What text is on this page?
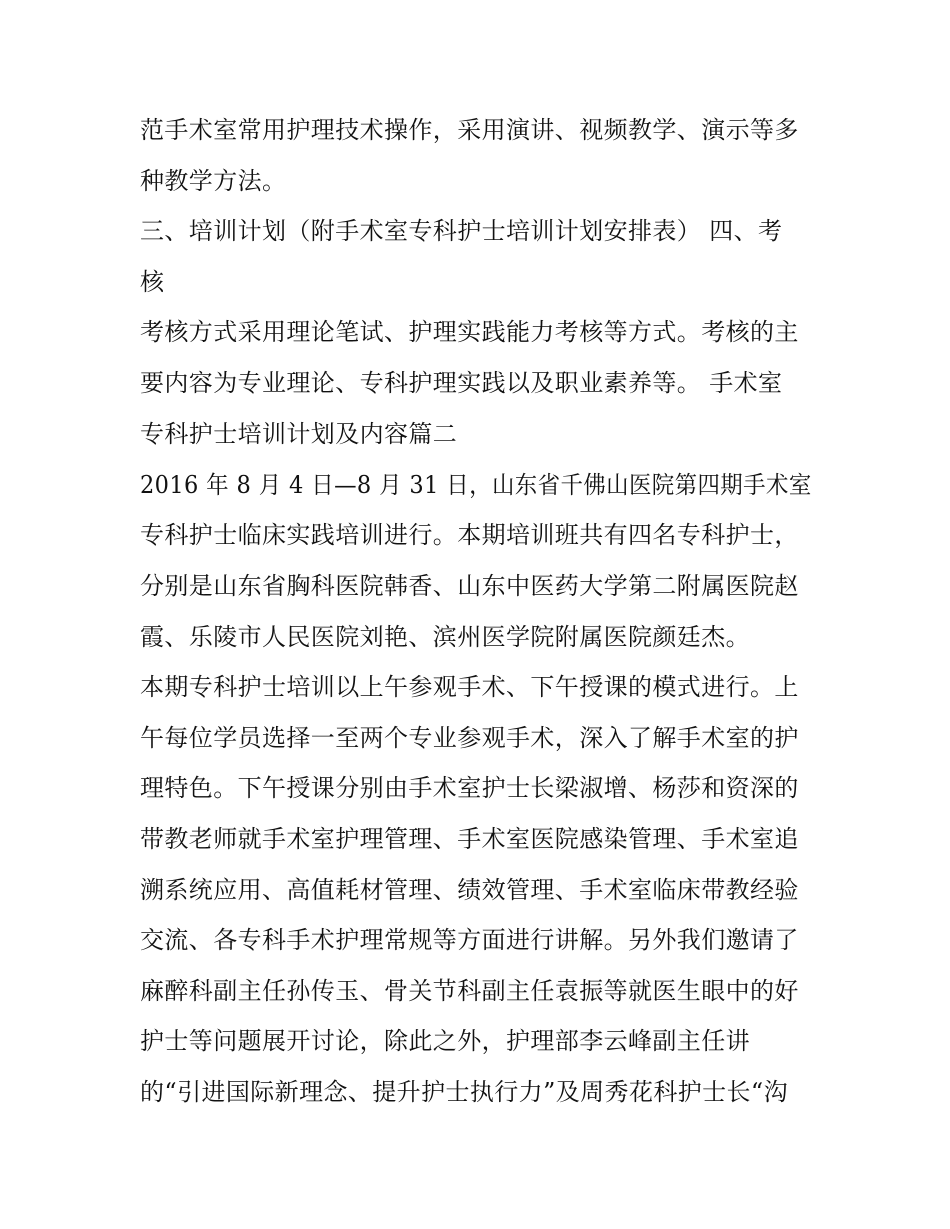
范手术室常用护理技术操作，采用演讲、视频教学、演示等多
种教学方法。
三、培训计划（附手术室专科护士培训计划安排表） 四、考
核
考核方式采用理论笔试、护理实践能力考核等方式。考核的主
要内容为专业理论、专科护理实践以及职业素养等。 手术室
专科护士培训计划及内容篇二
2016 年 8 月 4 日—8 月 31 日，山东省千佛山医院第四期手术室
专科护士临床实践培训进行。本期培训班共有四名专科护士，
分别是山东省胸科医院韩香、山东中医药大学第二附属医院赵
霞、乐陵市人民医院刘艳、滨州医学院附属医院颜廷杰。
本期专科护士培训以上午参观手术、下午授课的模式进行。上
午每位学员选择一至两个专业参观手术，深入了解手术室的护
理特色。下午授课分别由手术室护士长梁淑增、杨莎和资深的
带教老师就手术室护理管理、手术室医院感染管理、手术室追
溯系统应用、高值耗材管理、绩效管理、手术室临床带教经验
交流、各专科手术护理常规等方面进行讲解。另外我们邀请了
麻醉科副主任孙传玉、骨关节科副主任袁振等就医生眼中的好
护士等问题展开讨论，除此之外，护理部李云峰副主任讲
的“引进国际新理念、提升护士执行力”及周秀花科护士长“沟
